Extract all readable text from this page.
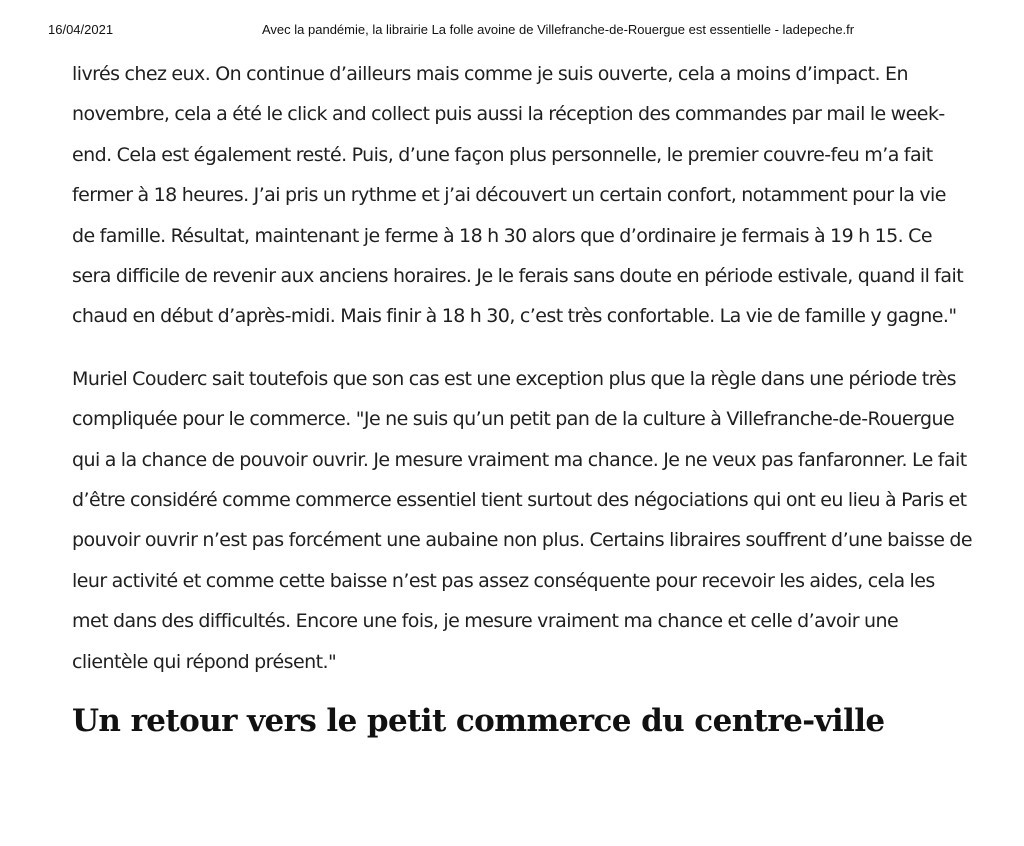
16/04/2021	Avec la pandémie, la librairie La folle avoine de Villefranche-de-Rouergue est essentielle - ladepeche.fr

livrés chez eux. On continue d’ailleurs mais comme je suis ouverte, cela a moins d’impact. En novembre, cela a été le click and collect puis aussi la réception des commandes par mail le week-end. Cela est également resté. Puis, d’une façon plus personnelle, le premier couvre-feu m’a fait fermer à 18 heures. J’ai pris un rythme et j’ai découvert un certain confort, notamment pour la vie de famille. Résultat, maintenant je ferme à 18 h 30 alors que d’ordinaire je fermais à 19 h 15. Ce sera difficile de revenir aux anciens horaires. Je le ferais sans doute en période estivale, quand il fait chaud en début d’après-midi. Mais finir à 18 h 30, c’est très confortable. La vie de famille y gagne."

Muriel Couderc sait toutefois que son cas est une exception plus que la règle dans une période très compliquée pour le commerce. "Je ne suis qu’un petit pan de la culture à Villefranche-de-Rouergue qui a la chance de pouvoir ouvrir. Je mesure vraiment ma chance. Je ne veux pas fanfaronner. Le fait d’être considéré comme commerce essentiel tient surtout des négociations qui ont eu lieu à Paris et pouvoir ouvrir n’est pas forcément une aubaine non plus. Certains libraires souffrent d’une baisse de leur activité et comme cette baisse n’est pas assez conséquente pour recevoir les aides, cela les met dans des difficultés. Encore une fois, je mesure vraiment ma chance et celle d’avoir une clientèle qui répond présent."

Un retour vers le petit commerce du centre-ville
